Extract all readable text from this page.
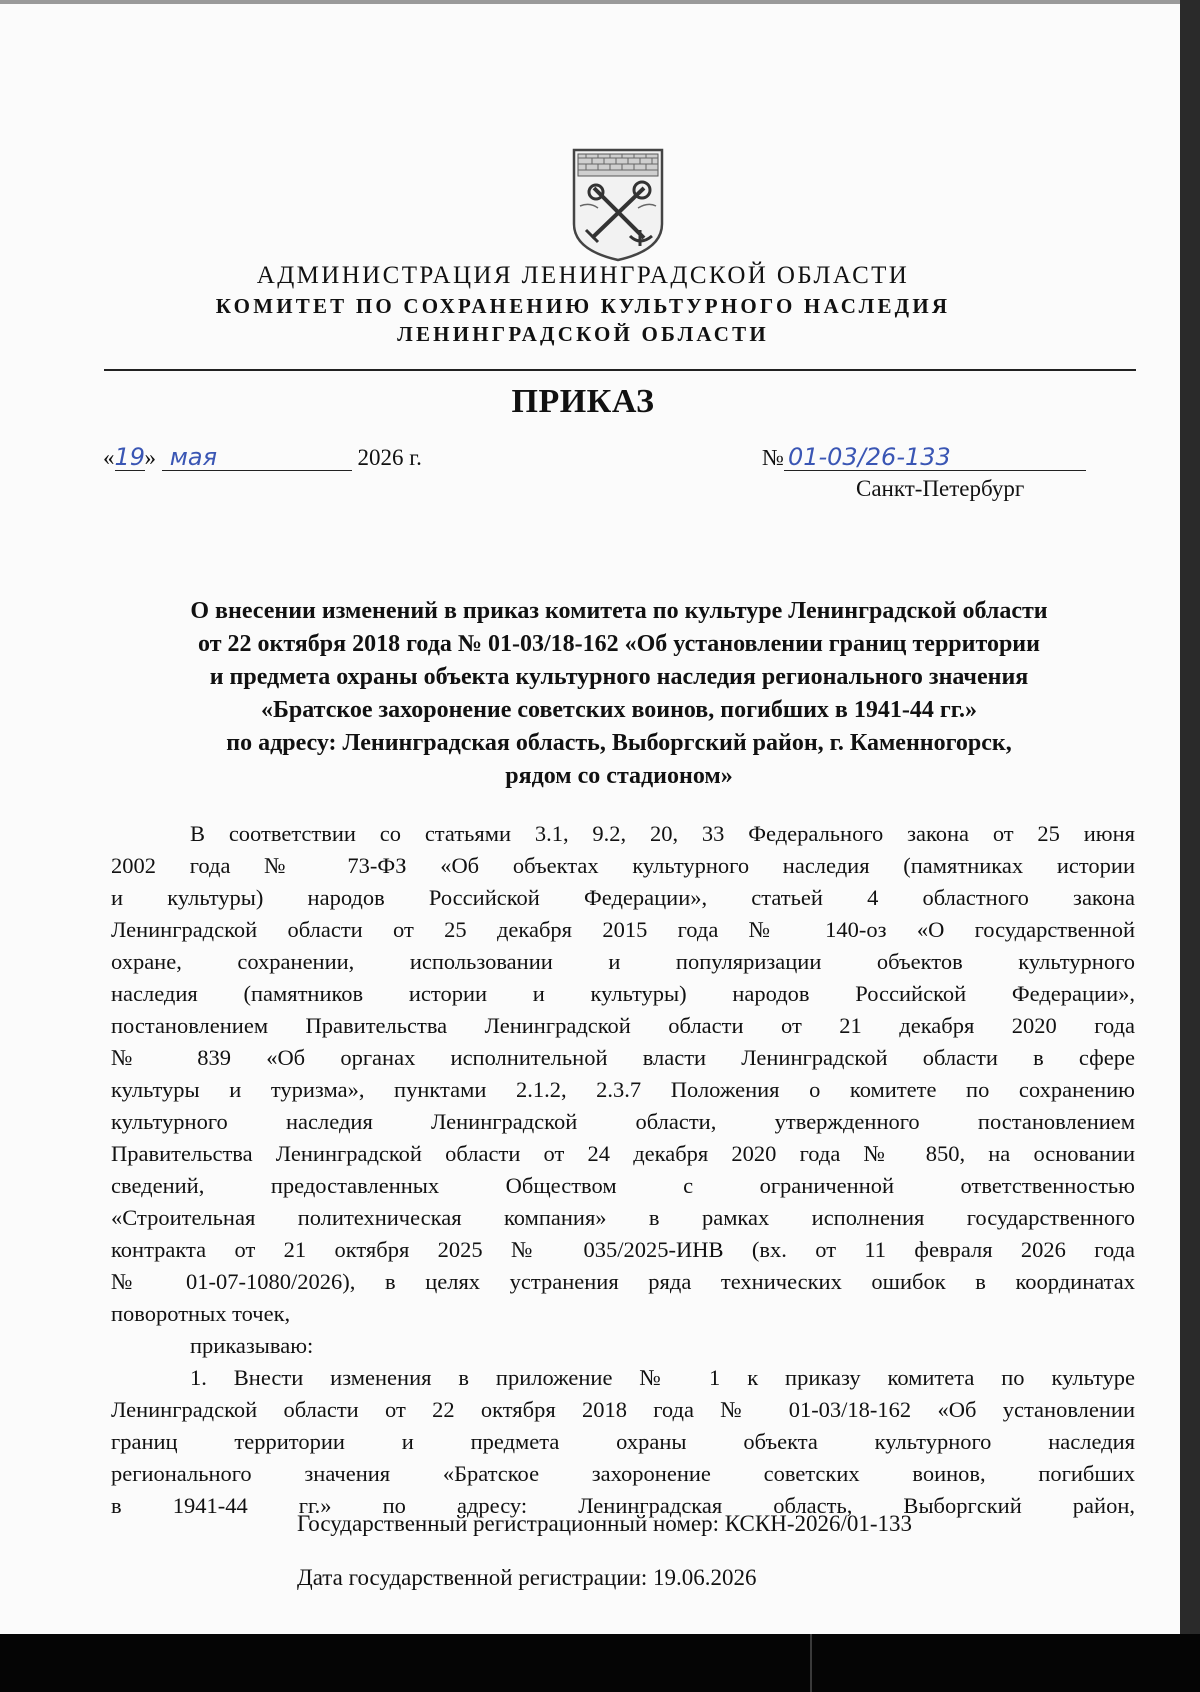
АДМИНИСТРАЦИЯ ЛЕНИНГРАДСКОЙ ОБЛАСТИ
КОМИТЕТ ПО СОХРАНЕНИЮ КУЛЬТУРНОГО НАСЛЕДИЯ
ЛЕНИНГРАДСКОЙ ОБЛАСТИ
ПРИКАЗ
«19» мая	2026 г.	№ 01-03/26-133
Санкт-Петербург
О внесении изменений в приказ комитета по культуре Ленинградской области
от 22 октября 2018 года № 01-03/18-162 «Об установлении границ территории
и предмета охраны объекта культурного наследия регионального значения
«Братское захоронение советских воинов, погибших в 1941-44 гг.»
по адресу: Ленинградская область, Выборгский район, г. Каменногорск,
рядом со стадионом»
В соответствии со статьями 3.1, 9.2, 20, 33 Федерального закона от 25 июня
2002 года № 73-ФЗ «Об объектах культурного наследия (памятниках истории
и культуры) народов Российской Федерации», статьей 4 областного закона
Ленинградской области от 25 декабря 2015 года № 140-оз «О государственной
охране, сохранении, использовании и популяризации объектов культурного
наследия (памятников истории и культуры) народов Российской Федерации»,
постановлением Правительства Ленинградской области от 21 декабря 2020 года
№ 839 «Об органах исполнительной власти Ленинградской области в сфере
культуры и туризма», пунктами 2.1.2, 2.3.7 Положения о комитете по сохранению
культурного наследия Ленинградской области, утвержденного постановлением
Правительства Ленинградской области от 24 декабря 2020 года № 850, на основании
сведений, предоставленных Обществом с ограниченной ответственностью
«Строительная политехническая компания» в рамках исполнения государственного
контракта от 21 октября 2025 № 035/2025-ИНВ (вх. от 11 февраля 2026 года
№ 01-07-1080/2026), в целях устранения ряда технических ошибок в координатах
поворотных точек,
приказываю:
1. Внести изменения в приложение № 1 к приказу комитета по культуре
Ленинградской области от 22 октября 2018 года № 01-03/18-162 «Об установлении
границ территории и предмета охраны объекта культурного наследия
регионального значения «Братское захоронение советских воинов, погибших
в 1941-44 гг.» по адресу: Ленинградская область, Выборгский район,
Государственный регистрационный номер: КСКН-2026/01-133
Дата государственной регистрации: 19.06.2026
